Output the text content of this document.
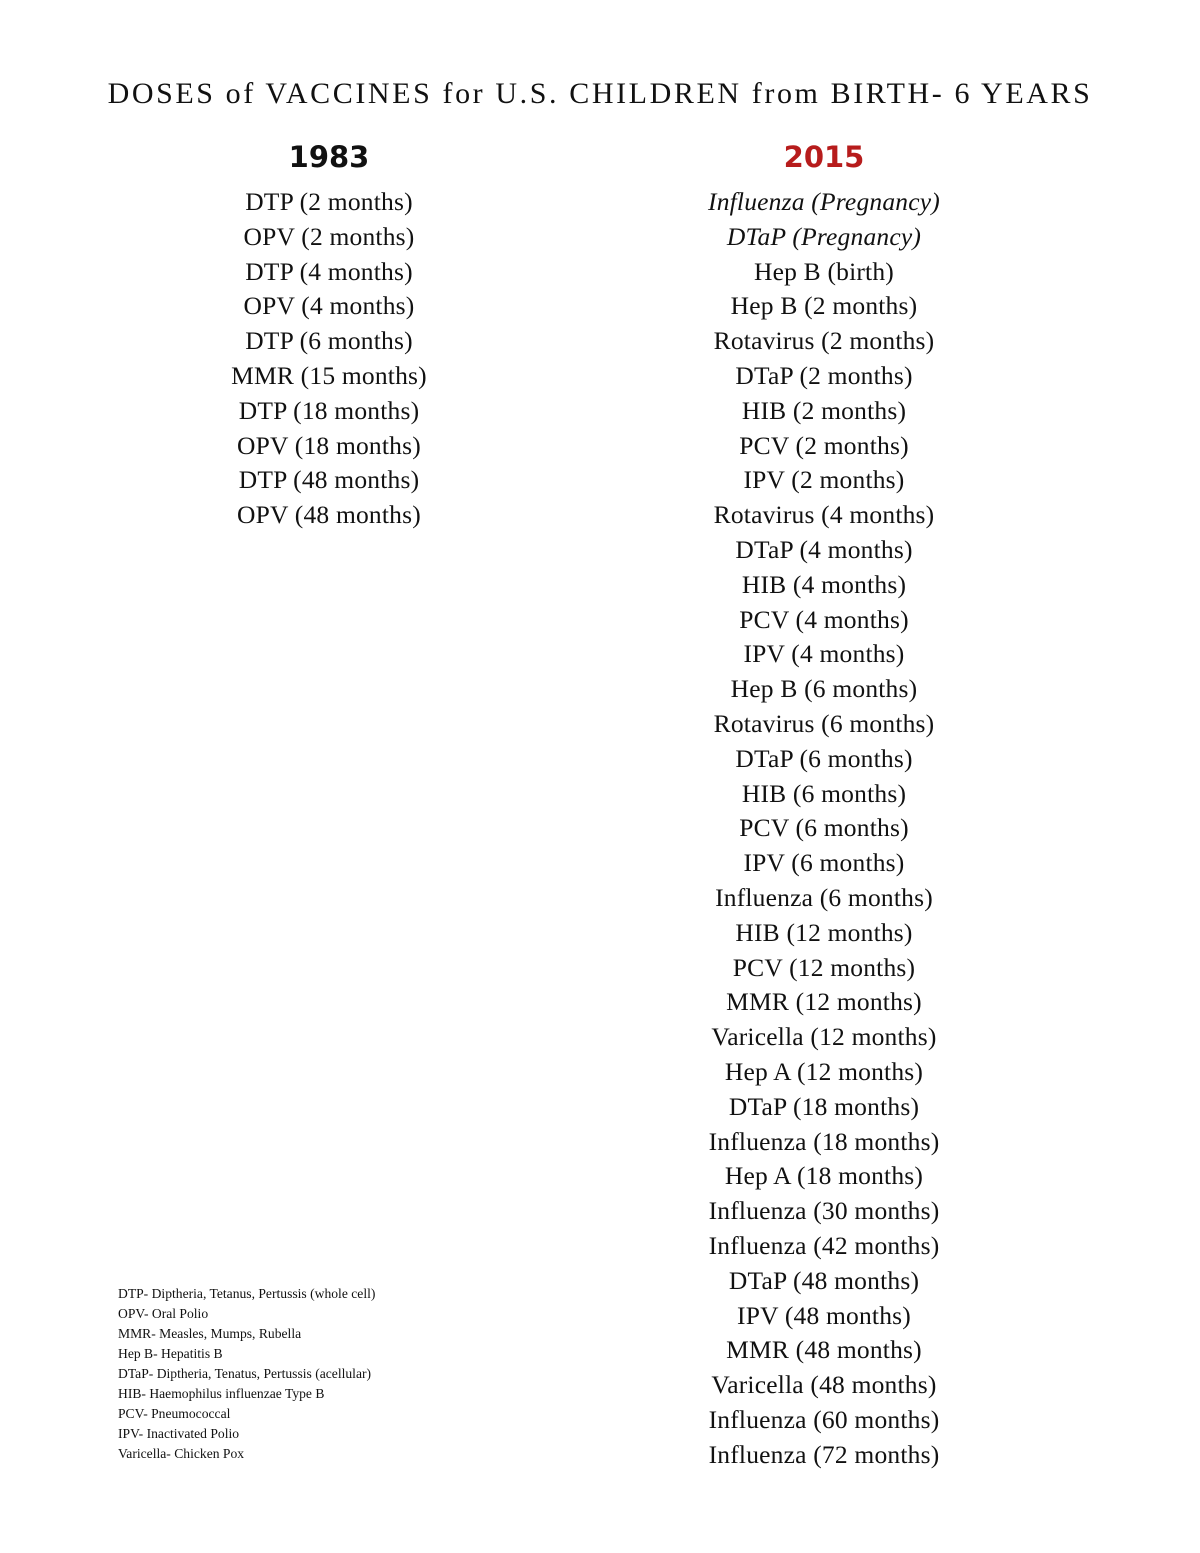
DOSES of VACCINES for U.S. CHILDREN from BIRTH- 6 YEARS
1983
DTP (2 months)
OPV (2 months)
DTP (4 months)
OPV (4 months)
DTP (6 months)
MMR (15 months)
DTP (18 months)
OPV (18 months)
DTP (48 months)
OPV (48 months)
2015
Influenza (Pregnancy)
DTaP (Pregnancy)
Hep B (birth)
Hep B (2 months)
Rotavirus (2 months)
DTaP (2 months)
HIB (2 months)
PCV (2 months)
IPV (2 months)
Rotavirus (4 months)
DTaP (4 months)
HIB (4 months)
PCV (4 months)
IPV (4 months)
Hep B (6 months)
Rotavirus (6 months)
DTaP (6 months)
HIB (6 months)
PCV (6 months)
IPV (6 months)
Influenza (6 months)
HIB (12 months)
PCV (12 months)
MMR (12 months)
Varicella (12 months)
Hep A (12 months)
DTaP (18 months)
Influenza (18 months)
Hep A (18 months)
Influenza (30 months)
Influenza (42 months)
DTaP (48 months)
IPV (48 months)
MMR (48 months)
Varicella (48 months)
Influenza (60 months)
Influenza (72 months)
DTP- Diptheria, Tetanus, Pertussis (whole cell)
OPV- Oral Polio
MMR- Measles, Mumps, Rubella
Hep B- Hepatitis B
DTaP- Diptheria, Tenatus, Pertussis (acellular)
HIB- Haemophilus influenzae Type B
PCV- Pneumococcal
IPV- Inactivated Polio
Varicella- Chicken Pox
